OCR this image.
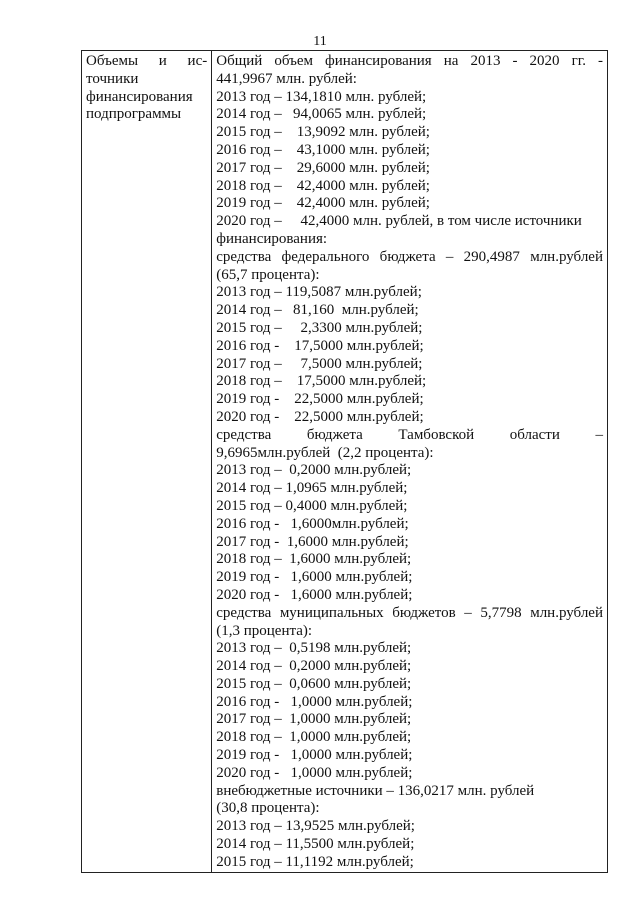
11
Объемы и ис-
точники
финансирования
подпрограммы

Общий объем финансирования на 2013 - 2020 гг. -
441,9967 млн. рублей:
2013 год – 134,1810 млн. рублей;
2014 год –   94,0065 млн. рублей;
2015 год –    13,9092 млн. рублей;
2016 год –    43,1000 млн. рублей;
2017 год –    29,6000 млн. рублей;
2018 год –    42,4000 млн. рублей;
2019 год –    42,4000 млн. рублей;
2020 год –     42,4000 млн. рублей, в том числе источники
финансирования:
средства федерального бюджета – 290,4987 млн.рублей
(65,7 процента):
2013 год – 119,5087 млн.рублей;
2014 год –   81,160  млн.рублей;
2015 год –     2,3300 млн.рублей;
2016 год -    17,5000 млн.рублей;
2017 год –     7,5000 млн.рублей;
2018 год –    17,5000 млн.рублей;
2019 год -    22,5000 млн.рублей;
2020 год -    22,5000 млн.рублей;
средства бюджета Тамбовской области –
9,6965млн.рублей  (2,2 процента):
2013 год –  0,2000 млн.рублей;
2014 год – 1,0965 млн.рублей;
2015 год – 0,4000 млн.рублей;
2016 год -   1,6000млн.рублей;
2017 год -  1,6000 млн.рублей;
2018 год –  1,6000 млн.рублей;
2019 год -   1,6000 млн.рублей;
2020 год -   1,6000 млн.рублей;
средства муниципальных бюджетов – 5,7798 млн.рублей
(1,3 процента):
2013 год –  0,5198 млн.рублей;
2014 год –  0,2000 млн.рублей;
2015 год –  0,0600 млн.рублей;
2016 год -   1,0000 млн.рублей;
2017 год –  1,0000 млн.рублей;
2018 год –  1,0000 млн.рублей;
2019 год -   1,0000 млн.рублей;
2020 год -   1,0000 млн.рублей;
внебюджетные источники – 136,0217 млн. рублей
(30,8 процента):
2013 год – 13,9525 млн.рублей;
2014 год – 11,5500 млн.рублей;
2015 год – 11,1192 млн.рублей;
